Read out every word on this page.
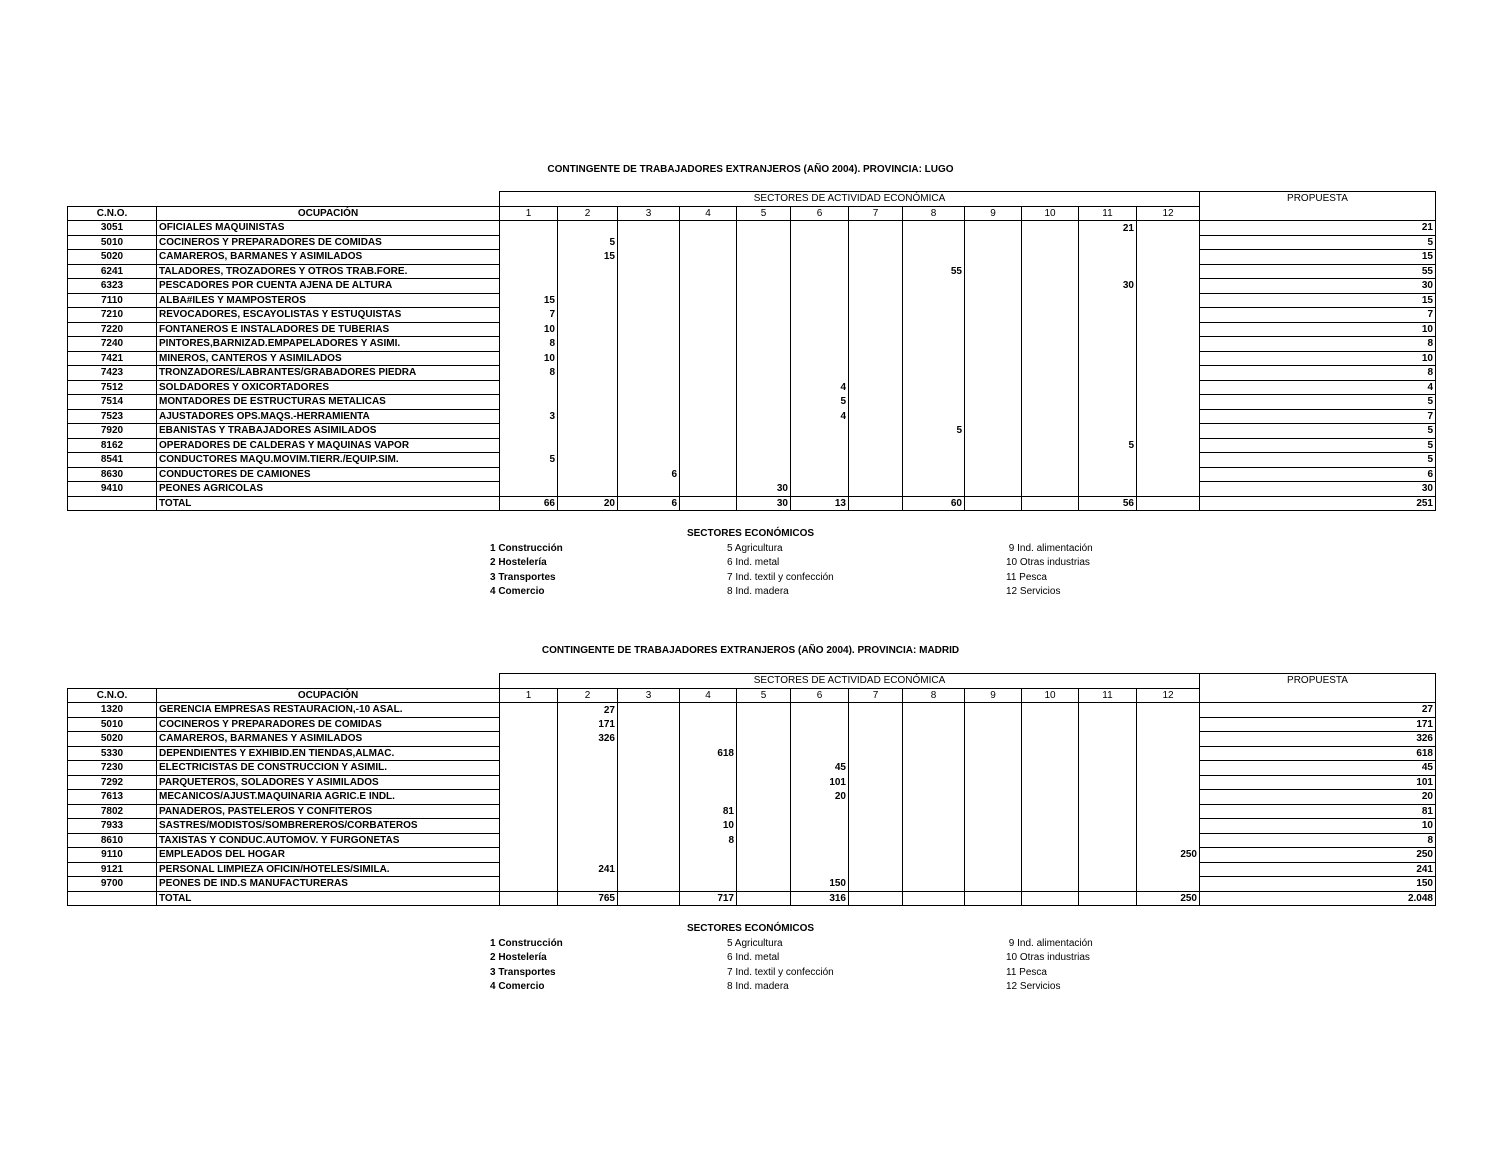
CONTINGENTE DE TRABAJADORES EXTRANJEROS (AÑO 2004). PROVINCIA: LUGO
		SECTORES DE ACTIVIDAD ECONÓMICA												PROPUESTA
C.N.O.	OCUPACIÓN	1	2	3	4	5	6	7	8	9	10	11	12	
3051	OFICIALES MAQUINISTAS											21		21
5010	COCINEROS Y PREPARADORES DE COMIDAS		5											5
5020	CAMAREROS, BARMANES Y ASIMILADOS		15											15
6241	TALADORES, TROZADORES Y OTROS TRAB.FORE.								55					55
6323	PESCADORES POR CUENTA AJENA DE ALTURA											30		30
7110	ALBA#ILES Y MAMPOSTEROS	15												15
7210	REVOCADORES, ESCAYOLISTAS Y ESTUQUISTAS	7												7
7220	FONTANEROS E INSTALADORES DE TUBERIAS	10												10
7240	PINTORES,BARNIZAD.EMPAPELADORES Y ASIMI.	8												8
7421	MINEROS, CANTEROS Y ASIMILADOS	10												10
7423	TRONZADORES/LABRANTES/GRABADORES PIEDRA	8												8
7512	SOLDADORES Y OXICORTADORES						4							4
7514	MONTADORES DE ESTRUCTURAS METALICAS						5							5
7523	AJUSTADORES OPS.MAQS.-HERRAMIENTA	3					4							7
7920	EBANISTAS Y TRABAJADORES ASIMILADOS								5					5
8162	OPERADORES DE CALDERAS Y MAQUINAS VAPOR											5		5
8541	CONDUCTORES MAQU.MOVIM.TIERR./EQUIP.SIM.	5												5
8630	CONDUCTORES DE CAMIONES			6										6
9410	PEONES AGRICOLAS					30								30
	TOTAL	66	20	6		30	13		60			56		251
SECTORES ECONÓMICOS
1 Construcción
2 Hostelería
3 Transportes
4 Comercio
5 Agricultura
6 Ind. metal
7 Ind. textil y confección
8 Ind. madera
9 Ind. alimentación
10 Otras industrias
11 Pesca
12 Servicios
CONTINGENTE DE TRABAJADORES EXTRANJEROS (AÑO 2004). PROVINCIA: MADRID
		SECTORES DE ACTIVIDAD ECONÓMICA												PROPUESTA
C.N.O.	OCUPACIÓN	1	2	3	4	5	6	7	8	9	10	11	12	
1320	GERENCIA EMPRESAS RESTAURACION,-10 ASAL.		27											27
5010	COCINEROS Y PREPARADORES DE COMIDAS		171											171
5020	CAMAREROS, BARMANES Y ASIMILADOS		326											326
5330	DEPENDIENTES Y EXHIBID.EN TIENDAS,ALMAC.				618									618
7230	ELECTRICISTAS DE CONSTRUCCION Y ASIMIL.						45							45
7292	PARQUETEROS, SOLADORES Y ASIMILADOS						101							101
7613	MECANICOS/AJUST.MAQUINARIA AGRIC.E INDL.						20							20
7802	PANADEROS, PASTELEROS Y CONFITEROS				81									81
7933	SASTRES/MODISTOS/SOMBREREROS/CORBATEROS				10									10
8610	TAXISTAS Y CONDUC.AUTOMOV. Y FURGONETAS				8									8
9110	EMPLEADOS DEL HOGAR												250	250
9121	PERSONAL LIMPIEZA OFICIN/HOTELES/SIMILA.		241											241
9700	PEONES DE IND.S MANUFACTURERAS						150							150
	TOTAL		765		717		316						250	2.048
SECTORES ECONÓMICOS
1 Construcción
2 Hostelería
3 Transportes
4 Comercio
5 Agricultura
6 Ind. metal
7 Ind. textil y confección
8 Ind. madera
9 Ind. alimentación
10 Otras industrias
11 Pesca
12 Servicios
